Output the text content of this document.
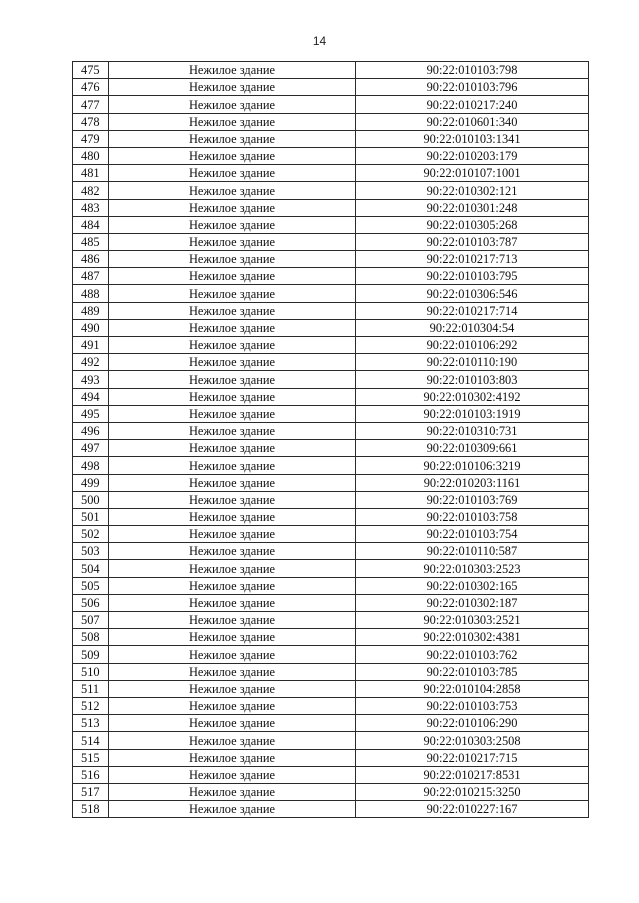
14
475	Нежилое здание	90:22:010103:798
476	Нежилое здание	90:22:010103:796
477	Нежилое здание	90:22:010217:240
478	Нежилое здание	90:22:010601:340
479	Нежилое здание	90:22:010103:1341
480	Нежилое здание	90:22:010203:179
481	Нежилое здание	90:22:010107:1001
482	Нежилое здание	90:22:010302:121
483	Нежилое здание	90:22:010301:248
484	Нежилое здание	90:22:010305:268
485	Нежилое здание	90:22:010103:787
486	Нежилое здание	90:22:010217:713
487	Нежилое здание	90:22:010103:795
488	Нежилое здание	90:22:010306:546
489	Нежилое здание	90:22:010217:714
490	Нежилое здание	90:22:010304:54
491	Нежилое здание	90:22:010106:292
492	Нежилое здание	90:22:010110:190
493	Нежилое здание	90:22:010103:803
494	Нежилое здание	90:22:010302:4192
495	Нежилое здание	90:22:010103:1919
496	Нежилое здание	90:22:010310:731
497	Нежилое здание	90:22:010309:661
498	Нежилое здание	90:22:010106:3219
499	Нежилое здание	90:22:010203:1161
500	Нежилое здание	90:22:010103:769
501	Нежилое здание	90:22:010103:758
502	Нежилое здание	90:22:010103:754
503	Нежилое здание	90:22:010110:587
504	Нежилое здание	90:22:010303:2523
505	Нежилое здание	90:22:010302:165
506	Нежилое здание	90:22:010302:187
507	Нежилое здание	90:22:010303:2521
508	Нежилое здание	90:22:010302:4381
509	Нежилое здание	90:22:010103:762
510	Нежилое здание	90:22:010103:785
511	Нежилое здание	90:22:010104:2858
512	Нежилое здание	90:22:010103:753
513	Нежилое здание	90:22:010106:290
514	Нежилое здание	90:22:010303:2508
515	Нежилое здание	90:22:010217:715
516	Нежилое здание	90:22:010217:8531
517	Нежилое здание	90:22:010215:3250
518	Нежилое здание	90:22:010227:167
